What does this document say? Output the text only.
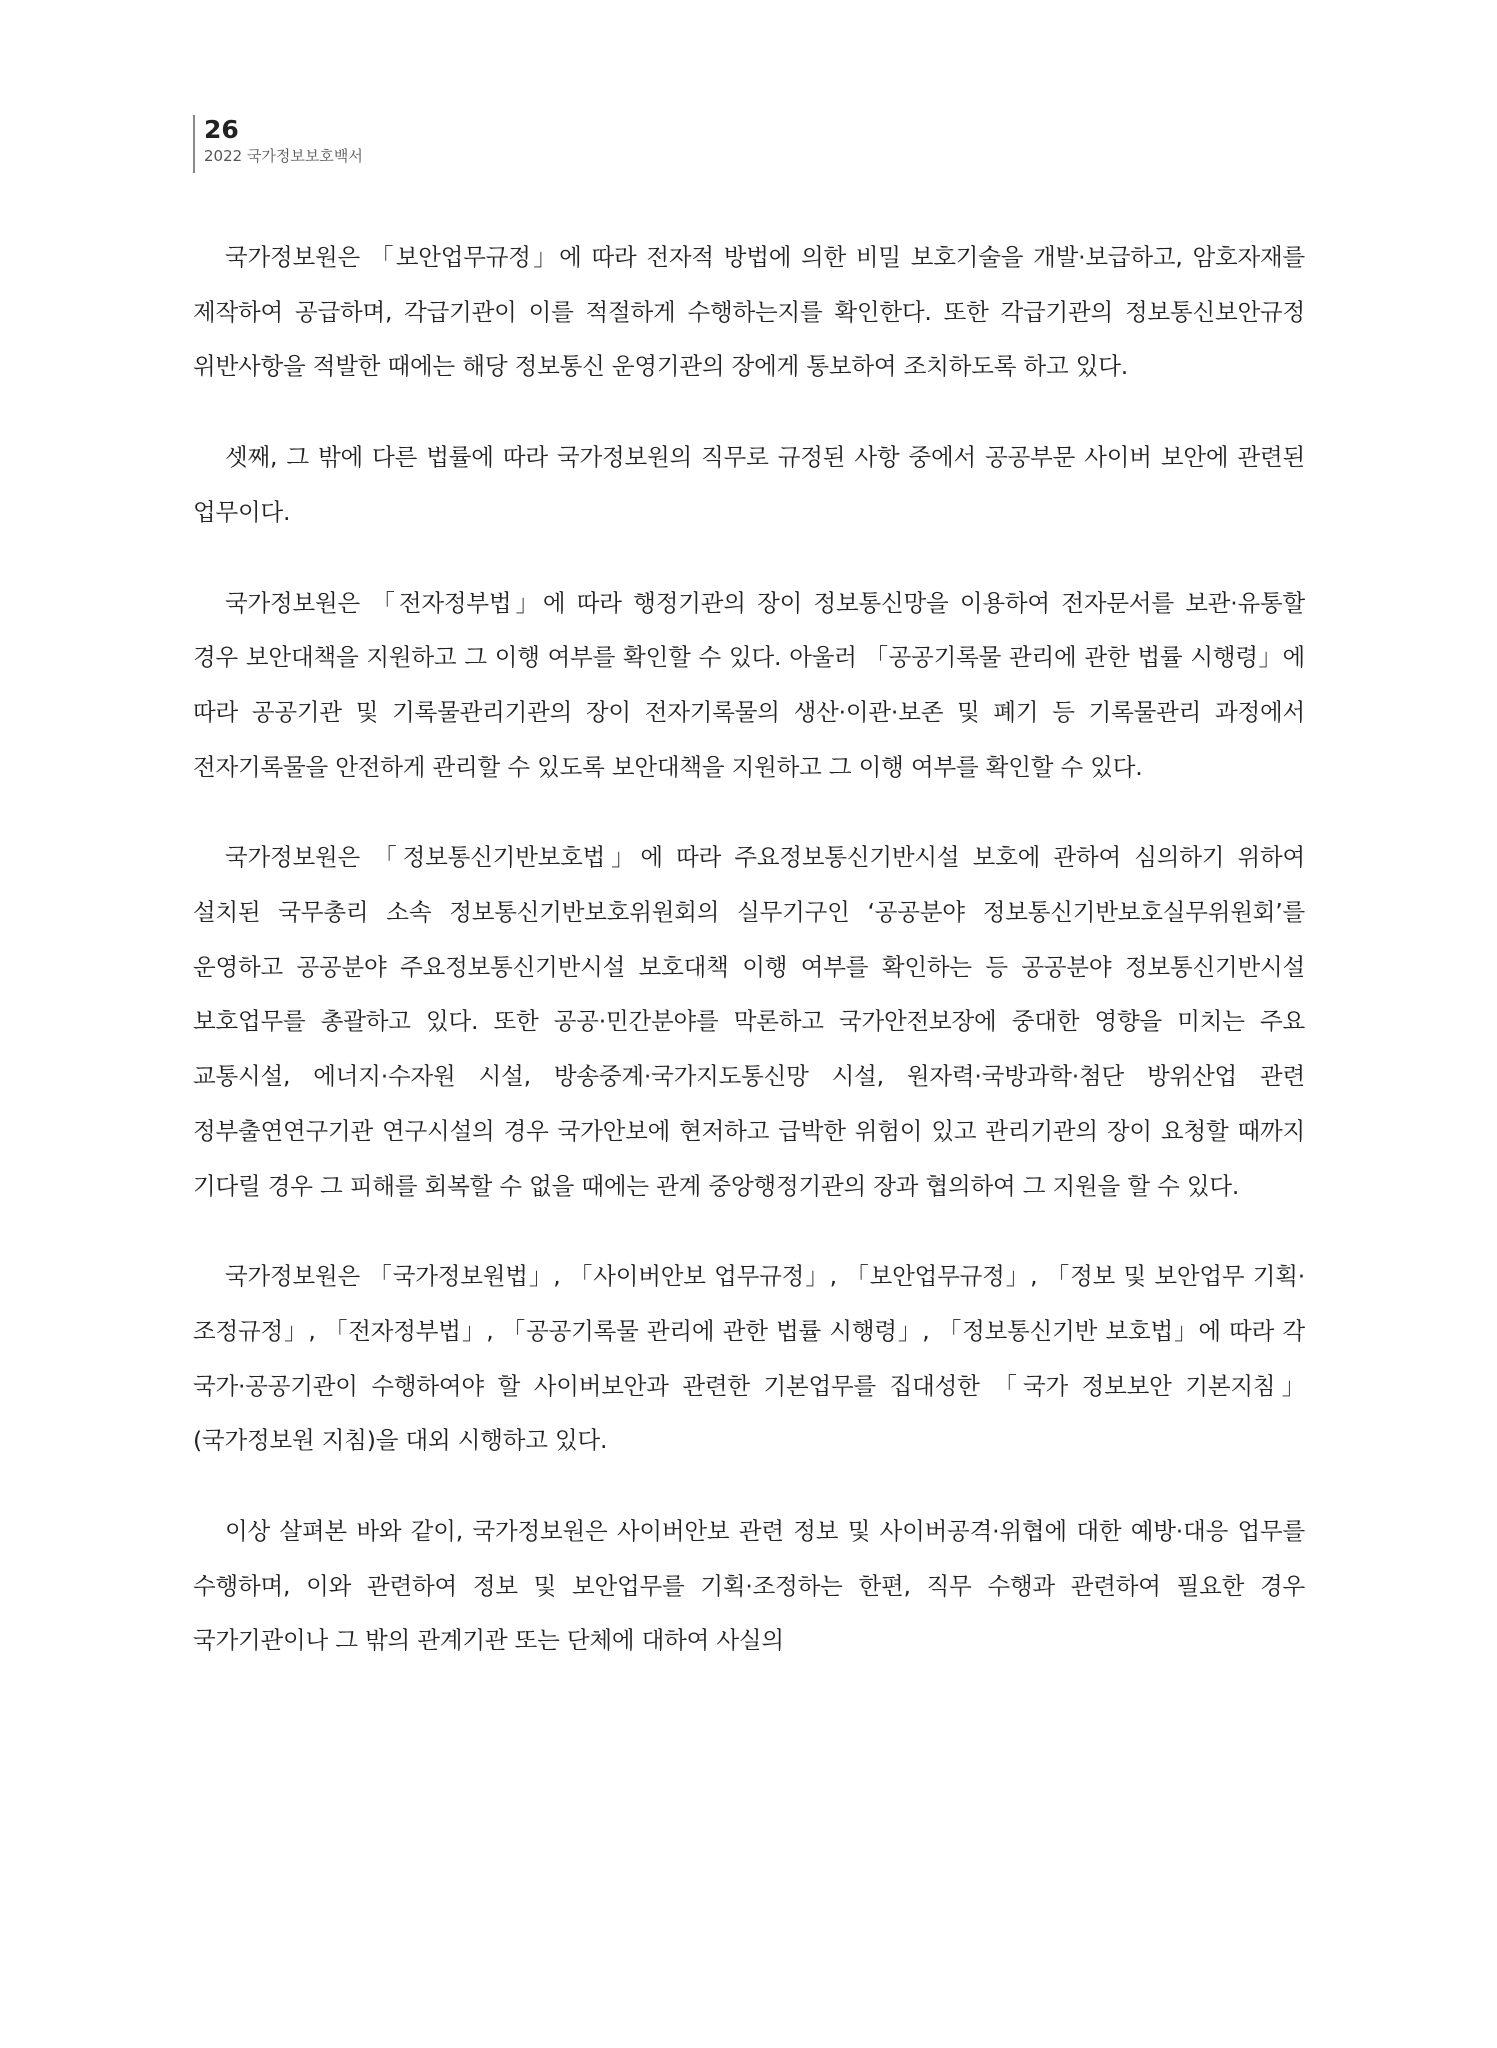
26
2022 국가정보보호백서

국가정보원은 「보안업무규정」에 따라 전자적 방법에 의한 비밀 보호기술을 개발·보급하고, 암호자재를 제작하여 공급하며, 각급기관이 이를 적절하게 수행하는지를 확인한다. 또한 각급기관의 정보통신보안규정 위반사항을 적발한 때에는 해당 정보통신 운영기관의 장에게 통보하여 조치하도록 하고 있다.

셋째, 그 밖에 다른 법률에 따라 국가정보원의 직무로 규정된 사항 중에서 공공부문 사이버 보안에 관련된 업무이다.

국가정보원은 「전자정부법」에 따라 행정기관의 장이 정보통신망을 이용하여 전자문서를 보관·유통할 경우 보안대책을 지원하고 그 이행 여부를 확인할 수 있다. 아울러 「공공기록물 관리에 관한 법률 시행령」에 따라 공공기관 및 기록물관리기관의 장이 전자기록물의 생산·이관·보존 및 폐기 등 기록물관리 과정에서 전자기록물을 안전하게 관리할 수 있도록 보안대책을 지원하고 그 이행 여부를 확인할 수 있다.

국가정보원은 「정보통신기반보호법」에 따라 주요정보통신기반시설 보호에 관하여 심의하기 위하여 설치된 국무총리 소속 정보통신기반보호위원회의 실무기구인 ‘공공분야 정보통신기반보호실무위원회’를 운영하고 공공분야 주요정보통신기반시설 보호대책 이행 여부를 확인하는 등 공공분야 정보통신기반시설 보호업무를 총괄하고 있다. 또한 공공·민간분야를 막론하고 국가안전보장에 중대한 영향을 미치는 주요 교통시설, 에너지·수자원 시설, 방송중계·국가지도통신망 시설, 원자력·국방과학·첨단 방위산업 관련 정부출연연구기관 연구시설의 경우 국가안보에 현저하고 급박한 위험이 있고 관리기관의 장이 요청할 때까지 기다릴 경우 그 피해를 회복할 수 없을 때에는 관계 중앙행정기관의 장과 협의하여 그 지원을 할 수 있다.

국가정보원은 「국가정보원법」, 「사이버안보 업무규정」, 「보안업무규정」, 「정보 및 보안업무 기획·조정규정」, 「전자정부법」, 「공공기록물 관리에 관한 법률 시행령」, 「정보통신기반 보호법」에 따라 각 국가·공공기관이 수행하여야 할 사이버보안과 관련한 기본업무를 집대성한 「국가 정보보안 기본지침」(국가정보원 지침)을 대외 시행하고 있다.

이상 살펴본 바와 같이, 국가정보원은 사이버안보 관련 정보 및 사이버공격·위협에 대한 예방·대응 업무를 수행하며, 이와 관련하여 정보 및 보안업무를 기획·조정하는 한편, 직무 수행과 관련하여 필요한 경우 국가기관이나 그 밖의 관계기관 또는 단체에 대하여 사실의
